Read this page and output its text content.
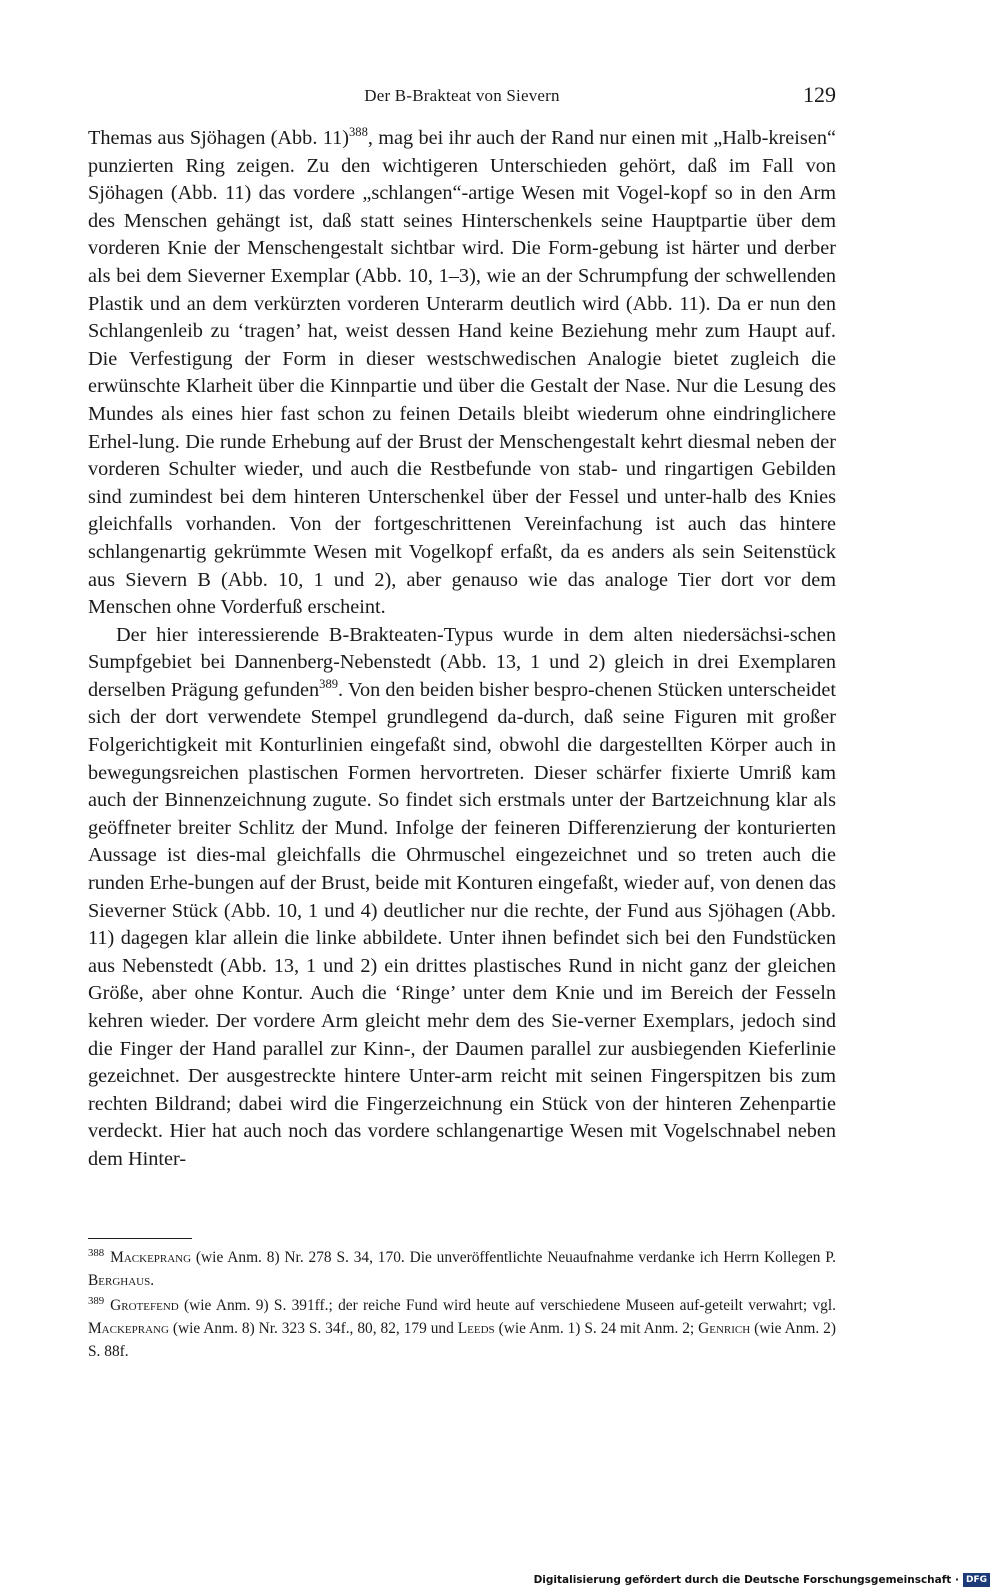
Der B-Brakteat von Sievern	129

Themas aus Sjöhagen (Abb. 11)$^{388}$, mag bei ihr auch der Rand nur einen mit „Halb-kreisen“ punzierten Ring zeigen. Zu den wichtigeren Unterschieden gehört, daß im Fall von Sjöhagen (Abb. 11) das vordere „schlangen“-artige Wesen mit Vogel-kopf so in den Arm des Menschen gehängt ist, daß statt seines Hinterschenkels seine Hauptpartie über dem vorderen Knie der Menschengestalt sichtbar wird. Die Form-gebung ist härter und derber als bei dem Sieverner Exemplar (Abb. 10, 1–3), wie an der Schrumpfung der schwellenden Plastik und an dem verkürzten vorderen Unterarm deutlich wird (Abb. 11). Da er nun den Schlangenleib zu ‘tragen’ hat, weist dessen Hand keine Beziehung mehr zum Haupt auf. Die Verfestigung der Form in dieser westschwedischen Analogie bietet zugleich die erwünschte Klarheit über die Kinnpartie und über die Gestalt der Nase. Nur die Lesung des Mundes als eines hier fast schon zu feinen Details bleibt wiederum ohne eindringlichere Erhel-lung. Die runde Erhebung auf der Brust der Menschengestalt kehrt diesmal neben der vorderen Schulter wieder, und auch die Restbefunde von stab- und ringartigen Gebilden sind zumindest bei dem hinteren Unterschenkel über der Fessel und unter-halb des Knies gleichfalls vorhanden. Von der fortgeschrittenen Vereinfachung ist auch das hintere schlangenartig gekrümmte Wesen mit Vogelkopf erfaßt, da es anders als sein Seitenstück aus Sievern B (Abb. 10, 1 und 2), aber genauso wie das analoge Tier dort vor dem Menschen ohne Vorderfuß erscheint.

Der hier interessierende B-Brakteaten-Typus wurde in dem alten niedersächsi-schen Sumpfgebiet bei Dannenberg-Nebenstedt (Abb. 13, 1 und 2) gleich in drei Exemplaren derselben Prägung gefunden$^{389}$. Von den beiden bisher bespro-chenen Stücken unterscheidet sich der dort verwendete Stempel grundlegend da-durch, daß seine Figuren mit großer Folgerichtigkeit mit Konturlinien eingefaßt sind, obwohl die dargestellten Körper auch in bewegungsreichen plastischen Formen hervortreten. Dieser schärfer fixierte Umriß kam auch der Binnenzeichnung zugute. So findet sich erstmals unter der Bartzeichnung klar als geöffneter breiter Schlitz der Mund. Infolge der feineren Differenzierung der konturierten Aussage ist dies-mal gleichfalls die Ohrmuschel eingezeichnet und so treten auch die runden Erhe-bungen auf der Brust, beide mit Konturen eingefaßt, wieder auf, von denen das Sieverner Stück (Abb. 10, 1 und 4) deutlicher nur die rechte, der Fund aus Sjöhagen (Abb. 11) dagegen klar allein die linke abbildete. Unter ihnen befindet sich bei den Fundstücken aus Nebenstedt (Abb. 13, 1 und 2) ein drittes plastisches Rund in nicht ganz der gleichen Größe, aber ohne Kontur. Auch die ‘Ringe’ unter dem Knie und im Bereich der Fesseln kehren wieder. Der vordere Arm gleicht mehr dem des Sie-verner Exemplars, jedoch sind die Finger der Hand parallel zur Kinn-, der Daumen parallel zur ausbiegenden Kieferlinie gezeichnet. Der ausgestreckte hintere Unter-arm reicht mit seinen Fingerspitzen bis zum rechten Bildrand; dabei wird die Fingerzeichnung ein Stück von der hinteren Zehenpartie verdeckt. Hier hat auch noch das vordere schlangenartige Wesen mit Vogelschnabel neben dem Hinter-

$^{388}$ Mackeprang (wie Anm. 8) Nr. 278 S. 34, 170. Die unveröffentlichte Neuaufnahme verdanke ich Herrn Kollegen P. Berghaus.

$^{389}$ Grotefend (wie Anm. 9) S. 391ff.; der reiche Fund wird heute auf verschiedene Museen auf-geteilt verwahrt; vgl. Mackeprang (wie Anm. 8) Nr. 323 S. 34f., 80, 82, 179 und Leeds (wie Anm. 1) S. 24 mit Anm. 2; Genrich (wie Anm. 2) S. 88f.

Digitalisierung gefördert durch die Deutsche Forschungsgemeinschaft · DFG
